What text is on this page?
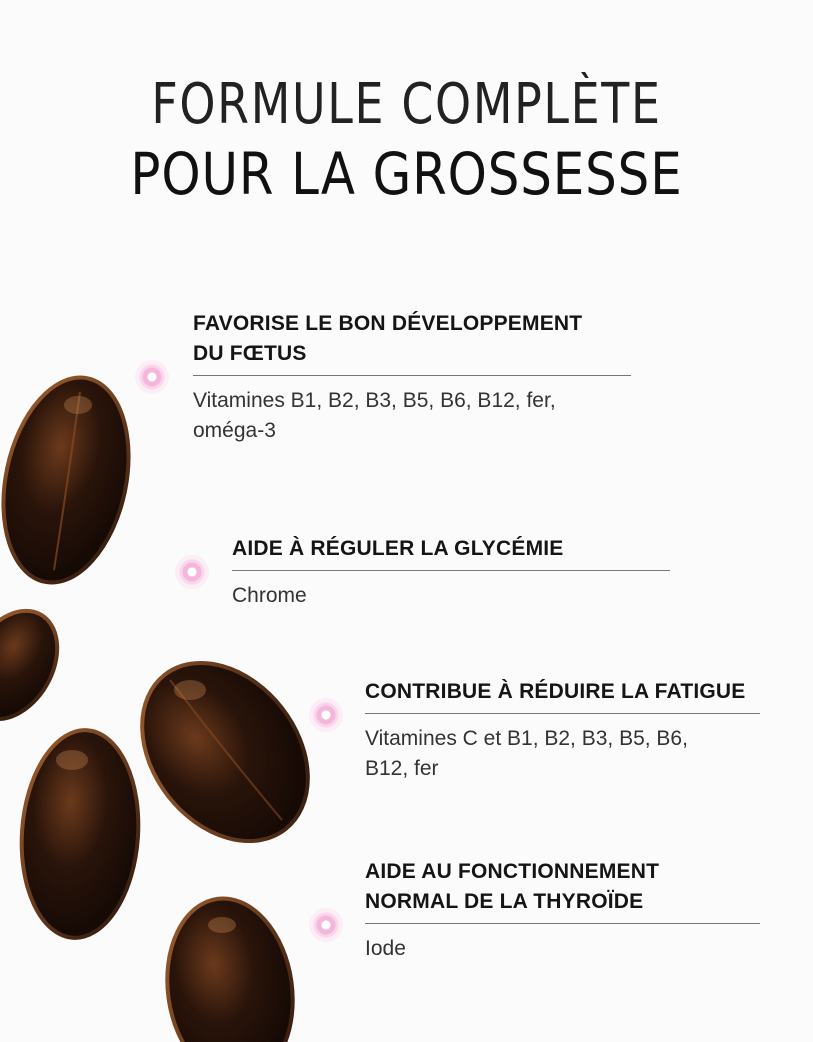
FORMULE COMPLÈTE
POUR LA GROSSESSE
FAVORISE LE BON DÉVELOPPEMENT
DU FŒTUS

Vitamines B1, B2, B3, B5, B6, B12, fer,
oméga-3

AIDE À RÉGULER LA GLYCÉMIE

Chrome

CONTRIBUE À RÉDUIRE LA FATIGUE

Vitamines C et B1, B2, B3, B5, B6,
B12, fer

AIDE AU FONCTIONNEMENT
NORMAL DE LA THYROÏDE

Iode
